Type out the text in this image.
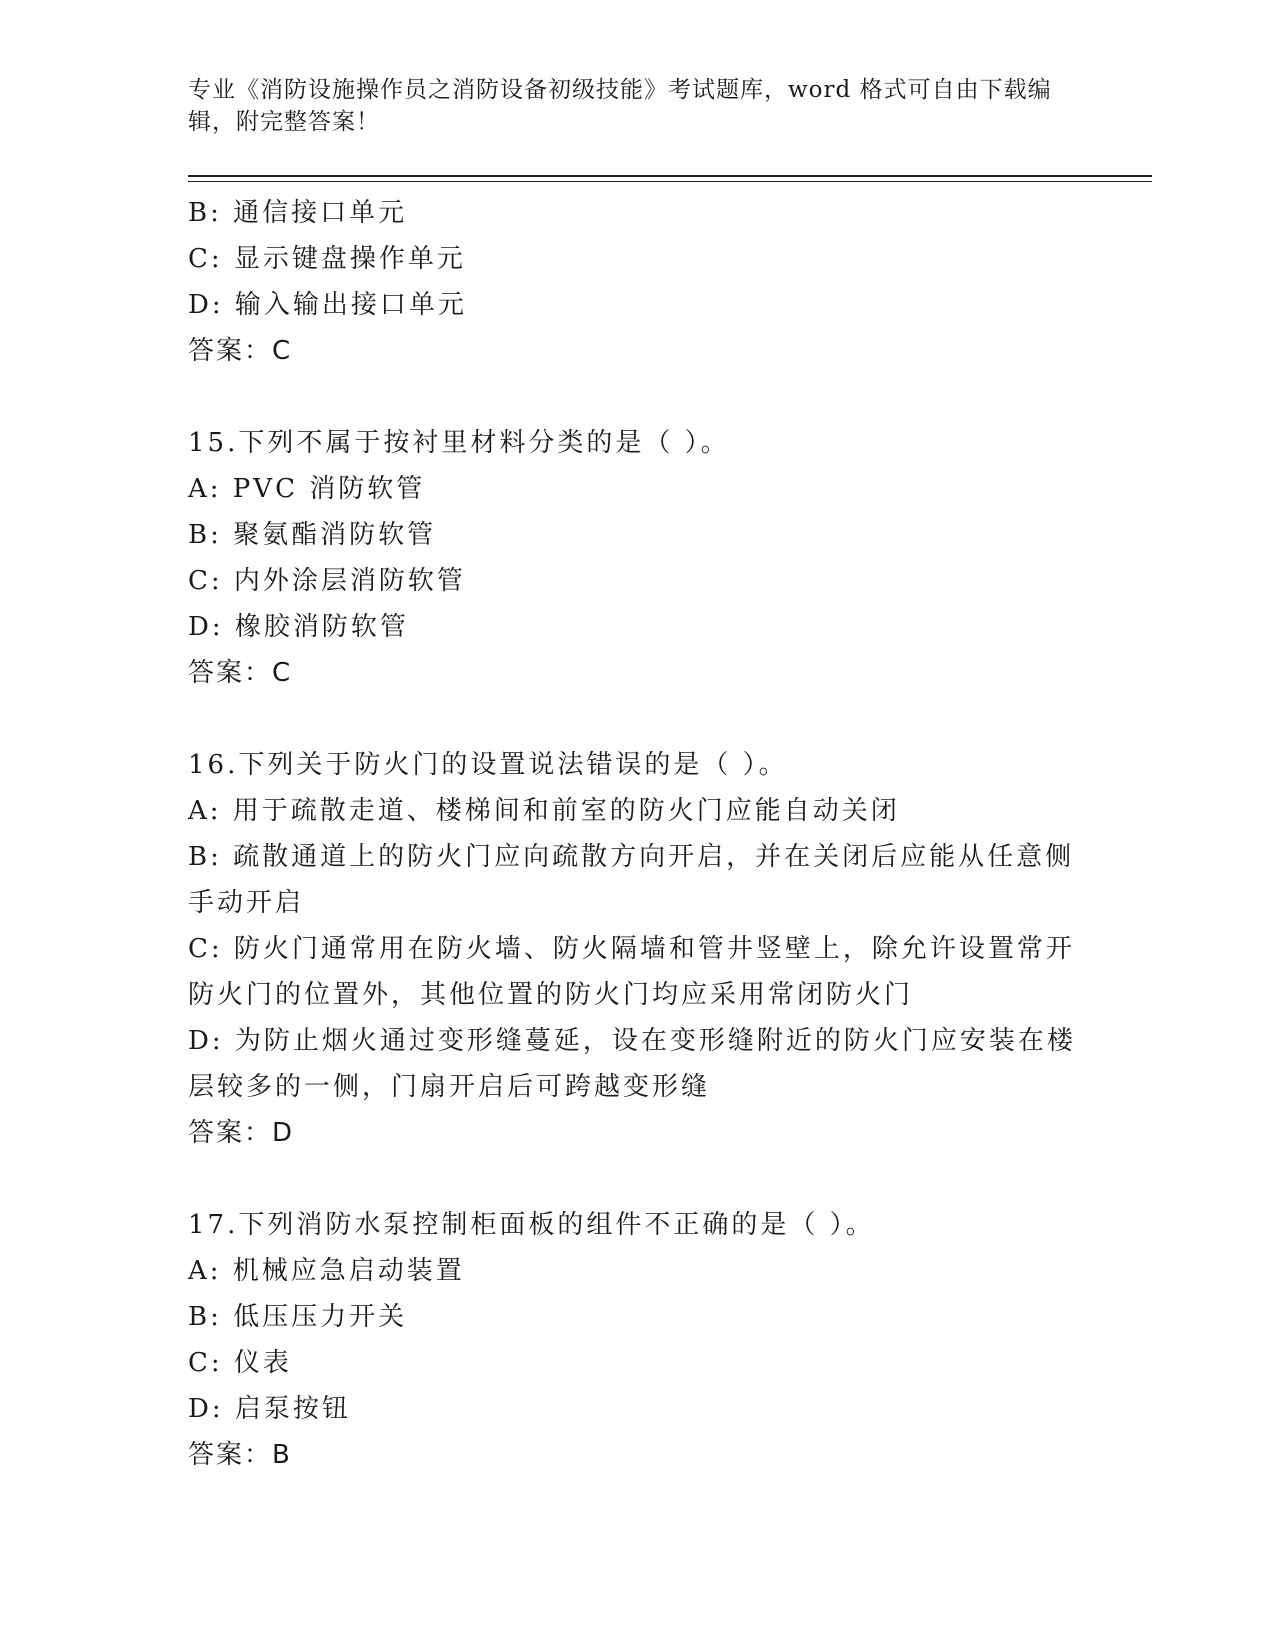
专业《消防设施操作员之消防设备初级技能》考试题库，word 格式可自由下载编辑，附完整答案！
B: 通信接口单元
C: 显示键盘操作单元
D: 输入输出接口单元
答案：C
15.下列不属于按衬里材料分类的是（ ）。
A: PVC 消防软管
B: 聚氨酯消防软管
C: 内外涂层消防软管
D: 橡胶消防软管
答案：C
16.下列关于防火门的设置说法错误的是（ ）。
A: 用于疏散走道、楼梯间和前室的防火门应能自动关闭
B: 疏散通道上的防火门应向疏散方向开启，并在关闭后应能从任意侧手动开启
C: 防火门通常用在防火墙、防火隔墙和管井竖壁上，除允许设置常开防火门的位置外，其他位置的防火门均应采用常闭防火门
D: 为防止烟火通过变形缝蔓延，设在变形缝附近的防火门应安装在楼层较多的一侧，门扇开启后可跨越变形缝
答案：D
17.下列消防水泵控制柜面板的组件不正确的是（ ）。
A: 机械应急启动装置
B: 低压压力开关
C: 仪表
D: 启泵按钮
答案：B
